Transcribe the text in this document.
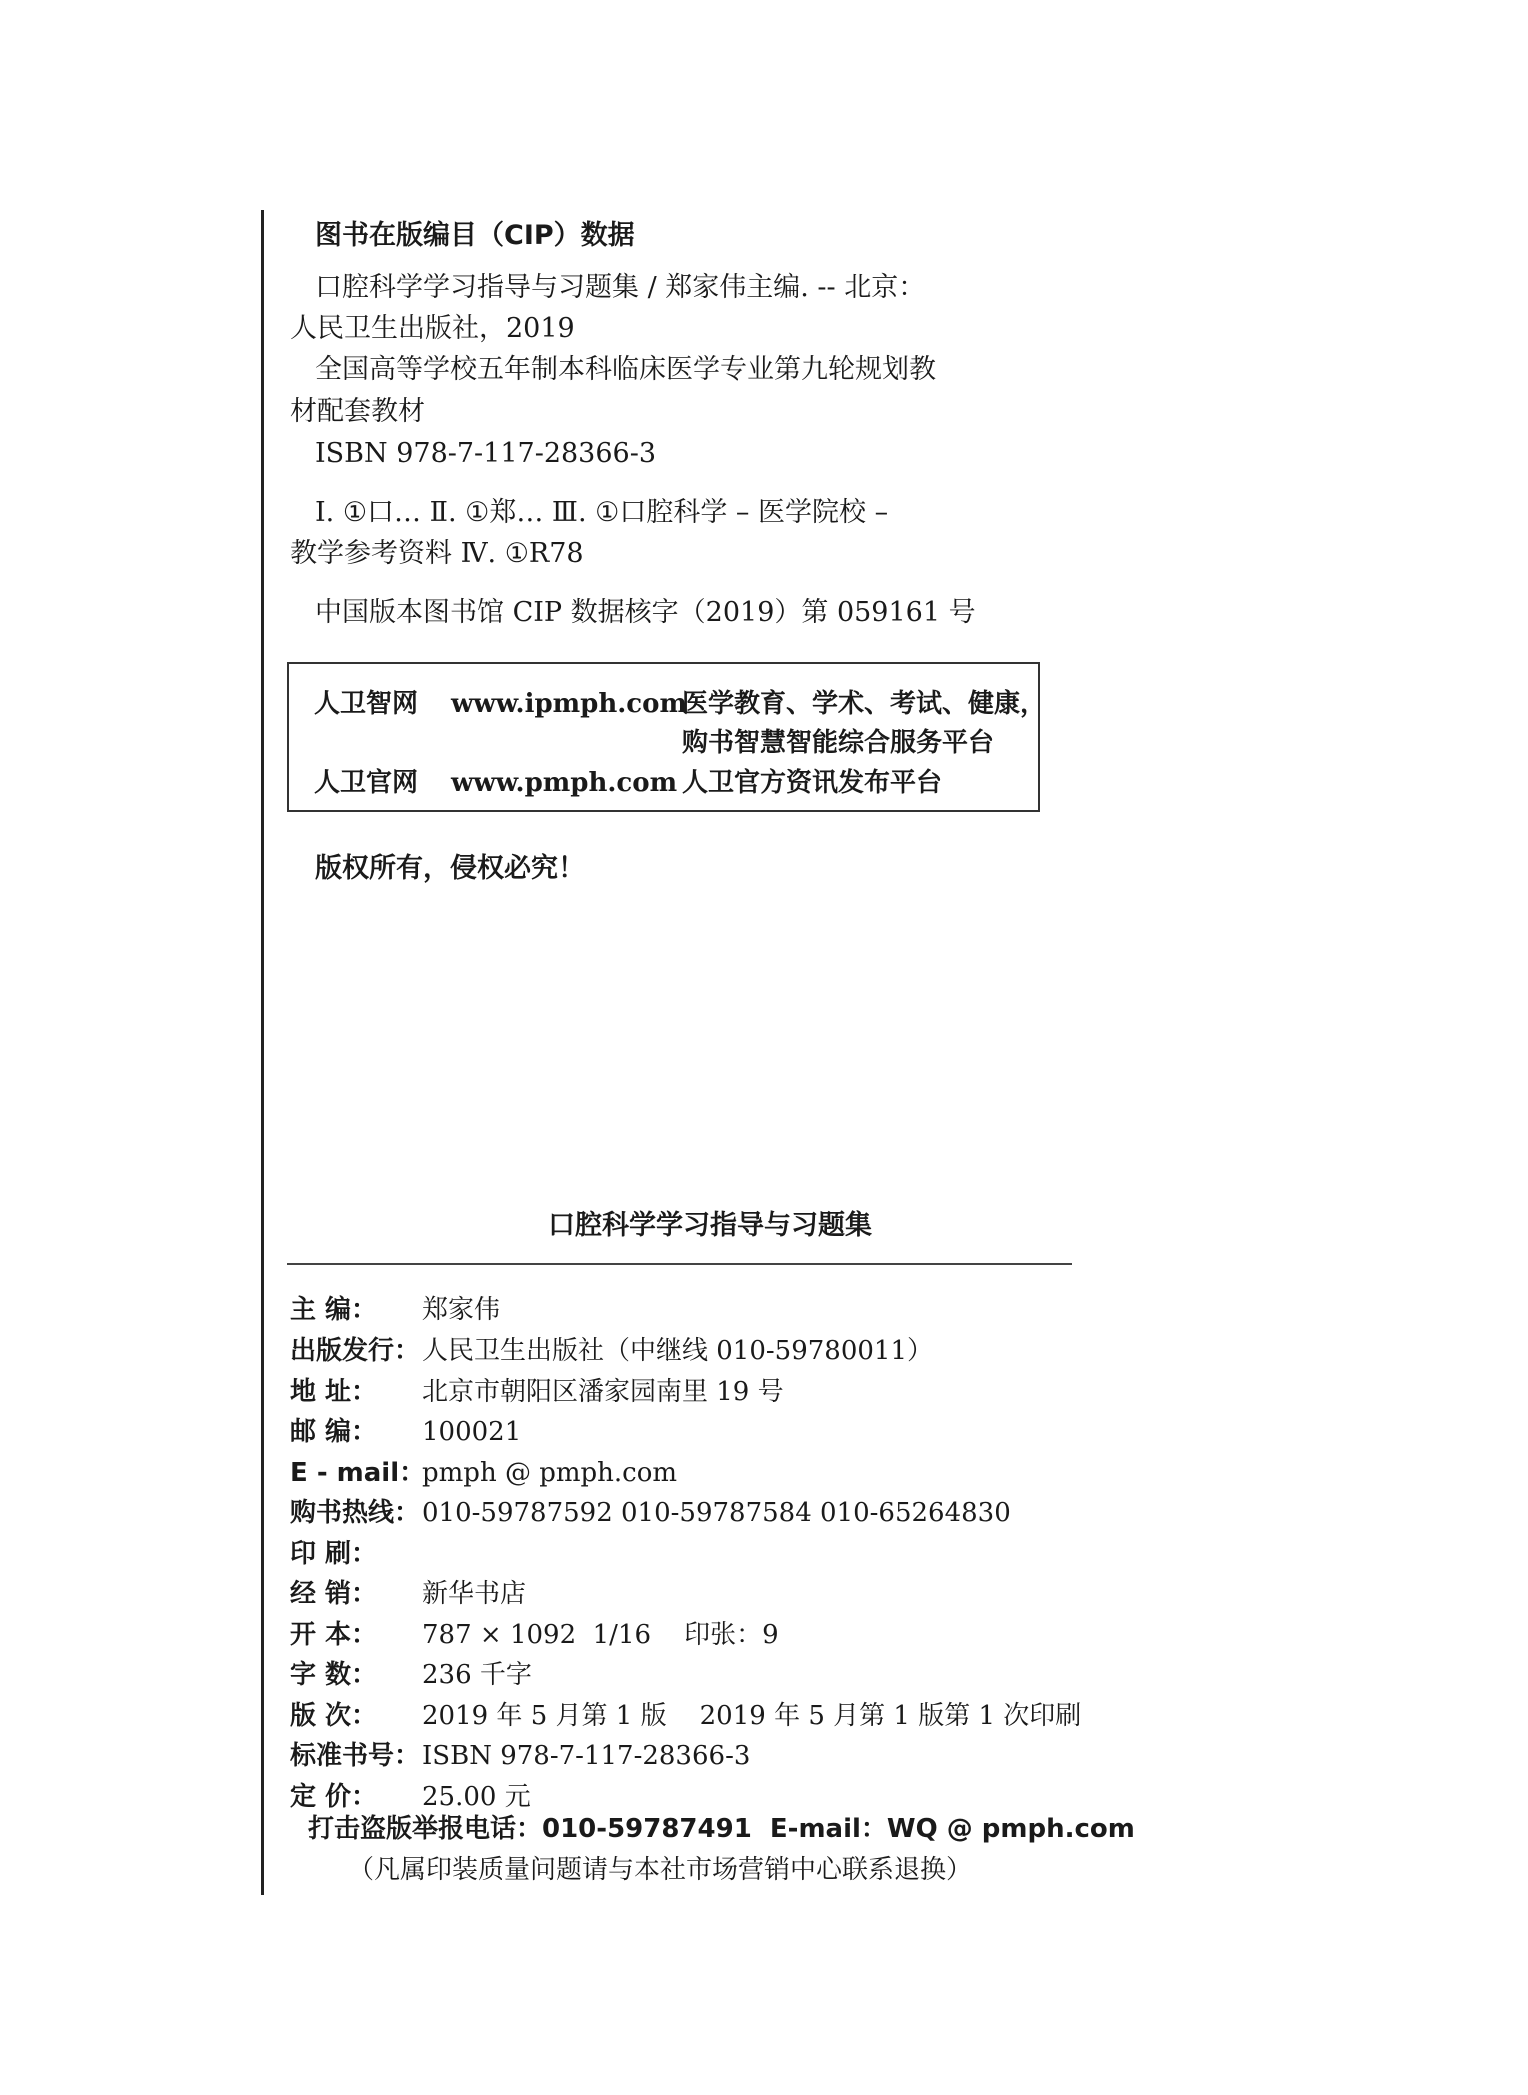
图书在版编目（CIP）数据
口腔科学学习指导与习题集 / 郑家伟主编. -- 北京：
人民卫生出版社，2019
全国高等学校五年制本科临床医学专业第九轮规划教
材配套教材
ISBN 978-7-117-28366-3
Ⅰ. ①口… Ⅱ. ①郑… Ⅲ. ①口腔科学 – 医学院校 –
教学参考资料 Ⅳ. ①R78
中国版本图书馆 CIP 数据核字（2019）第 059161 号
人卫智网 www.ipmph.com
医学教育、学术、考试、健康，
购书智慧智能综合服务平台
人卫官网 www.pmph.com 人卫官方资讯发布平台
版权所有，侵权必究！
口腔科学学习指导与习题集
主 编： 郑家伟
出版发行：人民卫生出版社（中继线 010-59780011）
地 址： 北京市朝阳区潘家园南里 19 号
邮 编： 100021
E - mail：pmph @ pmph.com
购书热线：010-59787592 010-59787584 010-65264830
印 刷：
经 销： 新华书店
开 本： 787 × 1092  1/16    印张：9
字 数： 236 千字
版 次： 2019 年 5 月第 1 版    2019 年 5 月第 1 版第 1 次印刷
标准书号：ISBN 978-7-117-28366-3
定 价： 25.00 元
打击盗版举报电话：010-59787491  E-mail：WQ @ pmph.com
（凡属印装质量问题请与本社市场营销中心联系退换）
